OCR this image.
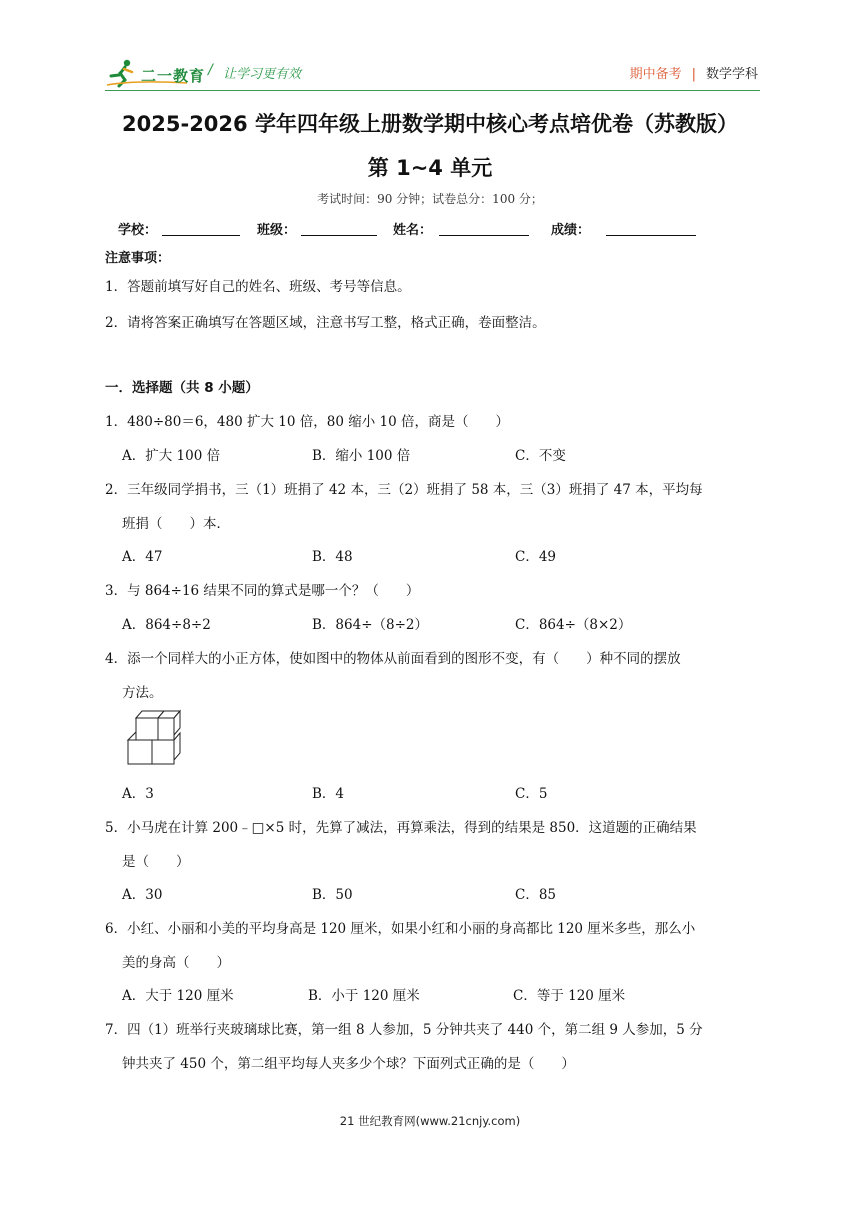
二一教育 / 让学习更有效	期中备考 | 数学学科
2025-2026 学年四年级上册数学期中核心考点培优卷（苏教版）
第 1~4 单元
考试时间：90 分钟；试卷总分：100 分；
学校：	班级：	姓名：	成绩：
注意事项：
1．答题前填写好自己的姓名、班级、考号等信息。
2．请将答案正确填写在答题区域，注意书写工整，格式正确，卷面整洁。
一．选择题（共 8 小题）
1．480÷80＝6，480 扩大 10 倍，80 缩小 10 倍，商是（　　）
A．扩大 100 倍	B．缩小 100 倍	C．不变
2．三年级同学捐书，三（1）班捐了 42 本，三（2）班捐了 58 本，三（3）班捐了 47 本，平均每
班捐（　　）本．
A．47	B．48	C．49
3．与 864÷16 结果不同的算式是哪一个？（　　）
A．864÷8÷2	B．864÷（8÷2）	C．864÷（8×2）
4．添一个同样大的小正方体，使如图中的物体从前面看到的图形不变，有（　　）种不同的摆放
方法。
A．3	B．4	C．5
5．小马虎在计算 200﹣□×5 时，先算了减法，再算乘法，得到的结果是 850．这道题的正确结果
是（　　）
A．30	B．50	C．85
6．小红、小丽和小美的平均身高是 120 厘米，如果小红和小丽的身高都比 120 厘米多些，那么小
美的身高（　　）
A．大于 120 厘米	B．小于 120 厘米	C．等于 120 厘米
7．四（1）班举行夹玻璃球比赛，第一组 8 人参加，5 分钟共夹了 440 个，第二组 9 人参加，5 分
钟共夹了 450 个，第二组平均每人夹多少个球？下面列式正确的是（　　）
21 世纪教育网(www.21cnjy.com)
